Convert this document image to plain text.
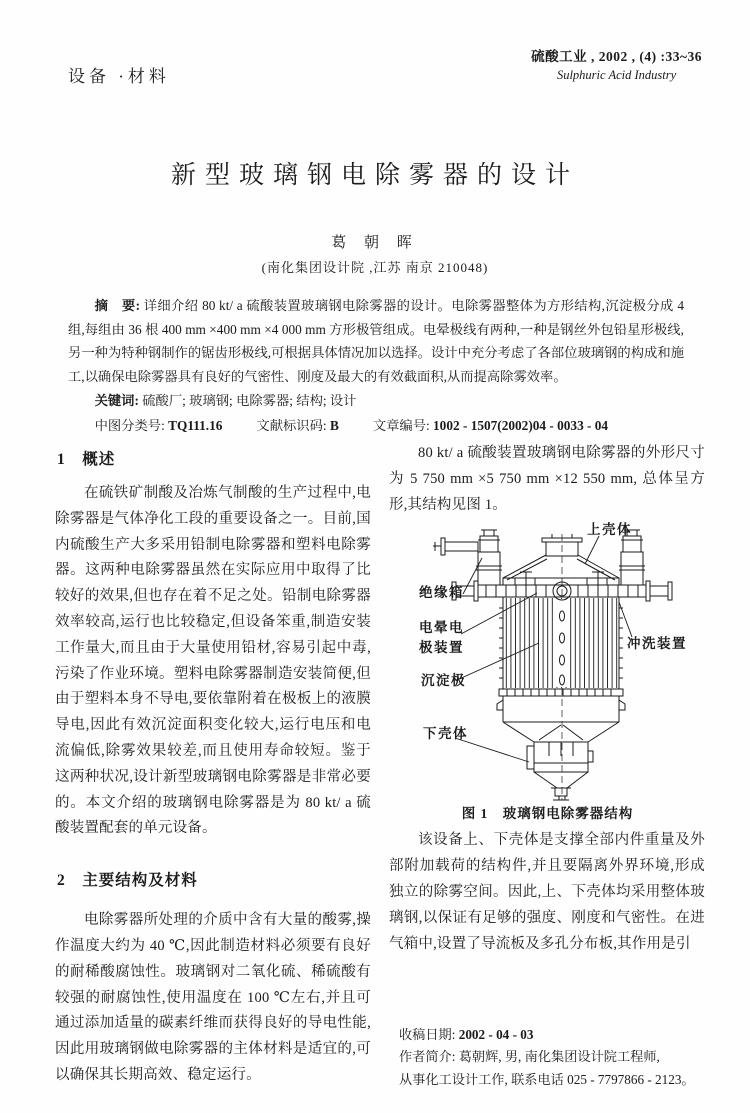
设备 ·材料
硫酸工业 , 2002 , (4) :33~36
Sulphuric Acid Industry
新型玻璃钢电除雾器的设计
葛 朝 晖
(南化集团设计院 ,江苏 南京 210048)

摘　要: 详细介绍 80 kt/ a 硫酸装置玻璃钢电除雾器的设计。电除雾器整体为方形结构,沉淀极分成 4 组,每组由 36 根 400 mm ×400 mm ×4 000 mm 方形极管组成。电晕极线有两种,一种是钢丝外包铅星形极线,另一种为特种钢制作的锯齿形极线,可根据具体情况加以选择。设计中充分考虑了各部位玻璃钢的构成和施工,以确保电除雾器具有良好的气密性、刚度及最大的有效截面积,从而提高除雾效率。

关键词: 硫酸厂; 玻璃钢; 电除雾器; 结构; 设计

中图分类号: TQ111.16	文献标识码: B	文章编号: 1002 - 1507(2002)04 - 0033 - 04

1　概述

在硫铁矿制酸及冶炼气制酸的生产过程中,电除雾器是气体净化工段的重要设备之一。目前,国内硫酸生产大多采用铅制电除雾器和塑料电除雾器。这两种电除雾器虽然在实际应用中取得了比较好的效果,但也存在着不足之处。铅制电除雾器效率较高,运行也比较稳定,但设备笨重,制造安装工作量大,而且由于大量使用铅材,容易引起中毒,污染了作业环境。塑料电除雾器制造安装简便,但由于塑料本身不导电,要依靠附着在极板上的液膜导电,因此有效沉淀面积变化较大,运行电压和电流偏低,除雾效果较差,而且使用寿命较短。鉴于这两种状况,设计新型玻璃钢电除雾器是非常必要的。本文介绍的玻璃钢电除雾器是为 80 kt/ a 硫酸装置配套的单元设备。

2　主要结构及材料

电除雾器所处理的介质中含有大量的酸雾,操作温度大约为 40 ℃,因此制造材料必须要有良好的耐稀酸腐蚀性。玻璃钢对二氧化硫、稀硫酸有较强的耐腐蚀性,使用温度在 100 ℃左右,并且可通过添加适量的碳素纤维而获得良好的导电性能,因此用玻璃钢做电除雾器的主体材料是适宜的,可以确保其长期高效、稳定运行。

80 kt/ a 硫酸装置玻璃钢电除雾器的外形尺寸为 5 750 mm ×5 750 mm ×12 550 mm, 总体呈方形,其结构见图 1。

上壳体
绝缘箱
电晕电
极装置	冲洗装置
沉淀极
下壳体
图 1　玻璃钢电除雾器结构

该设备上、下壳体是支撑全部内件重量及外部附加载荷的结构件,并且要隔离外界环境,形成独立的除雾空间。因此,上、下壳体均采用整体玻璃钢,以保证有足够的强度、刚度和气密性。在进气箱中,设置了导流板及多孔分布板,其作用是引

收稿日期: 2002 - 04 - 03
作者简介: 葛朝辉, 男, 南化集团设计院工程师,
从事化工设计工作, 联系电话 025 - 7797866 - 2123。
